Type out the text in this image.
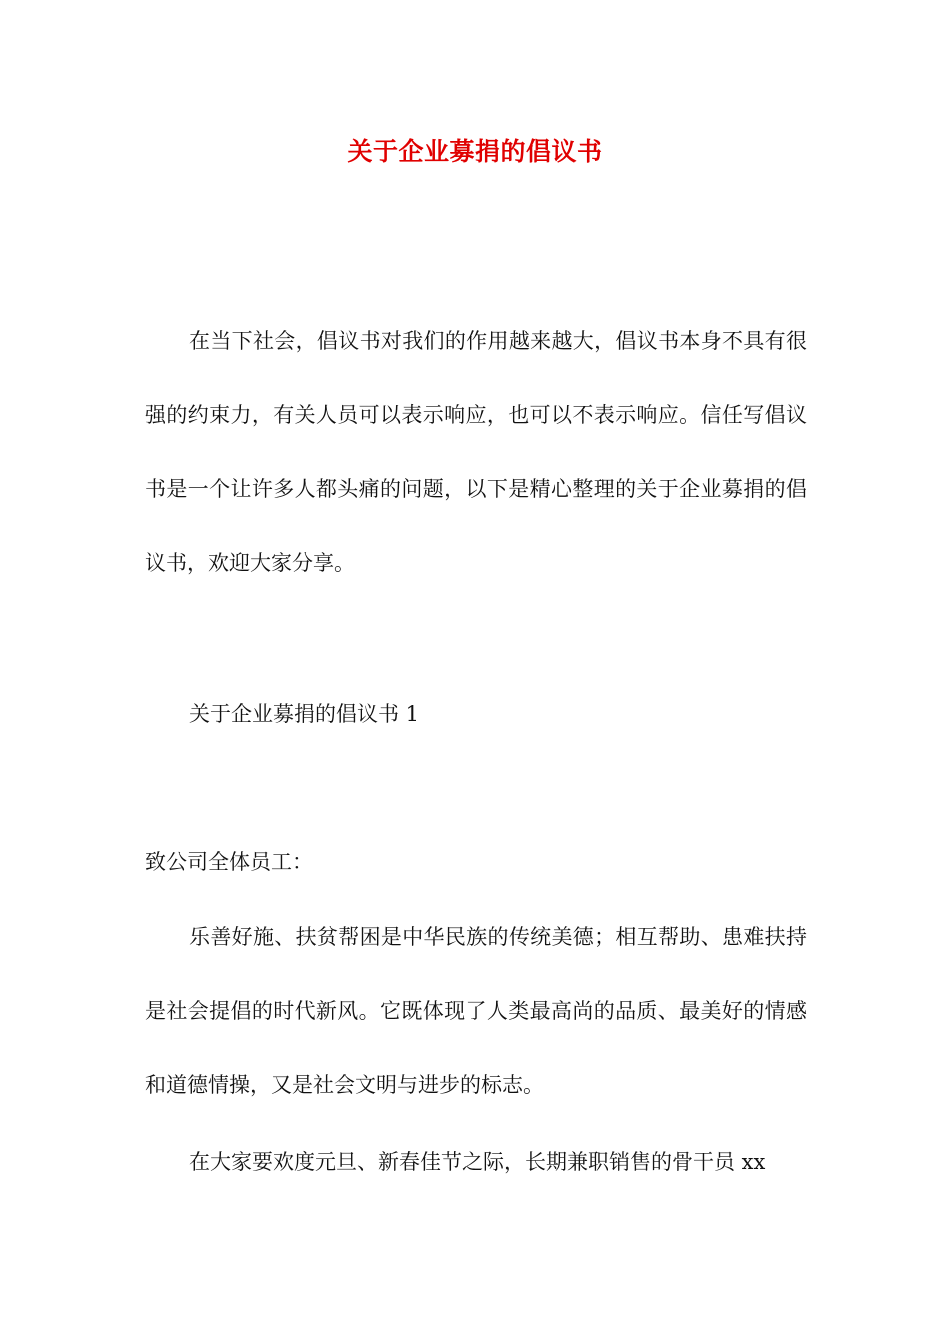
关于企业募捐的倡议书
在当下社会，倡议书对我们的作用越来越大，倡议书本身不具有很强的约束力，有关人员可以表示响应，也可以不表示响应。信任写倡议书是一个让许多人都头痛的问题，以下是精心整理的关于企业募捐的倡议书，欢迎大家分享。
关于企业募捐的倡议书 1
致公司全体员工：
乐善好施、扶贫帮困是中华民族的传统美德；相互帮助、患难扶持是社会提倡的时代新风。它既体现了人类最高尚的品质、最美好的情感和道德情操，又是社会文明与进步的标志。
在大家要欢度元旦、新春佳节之际，长期兼职销售的骨干员 xx
